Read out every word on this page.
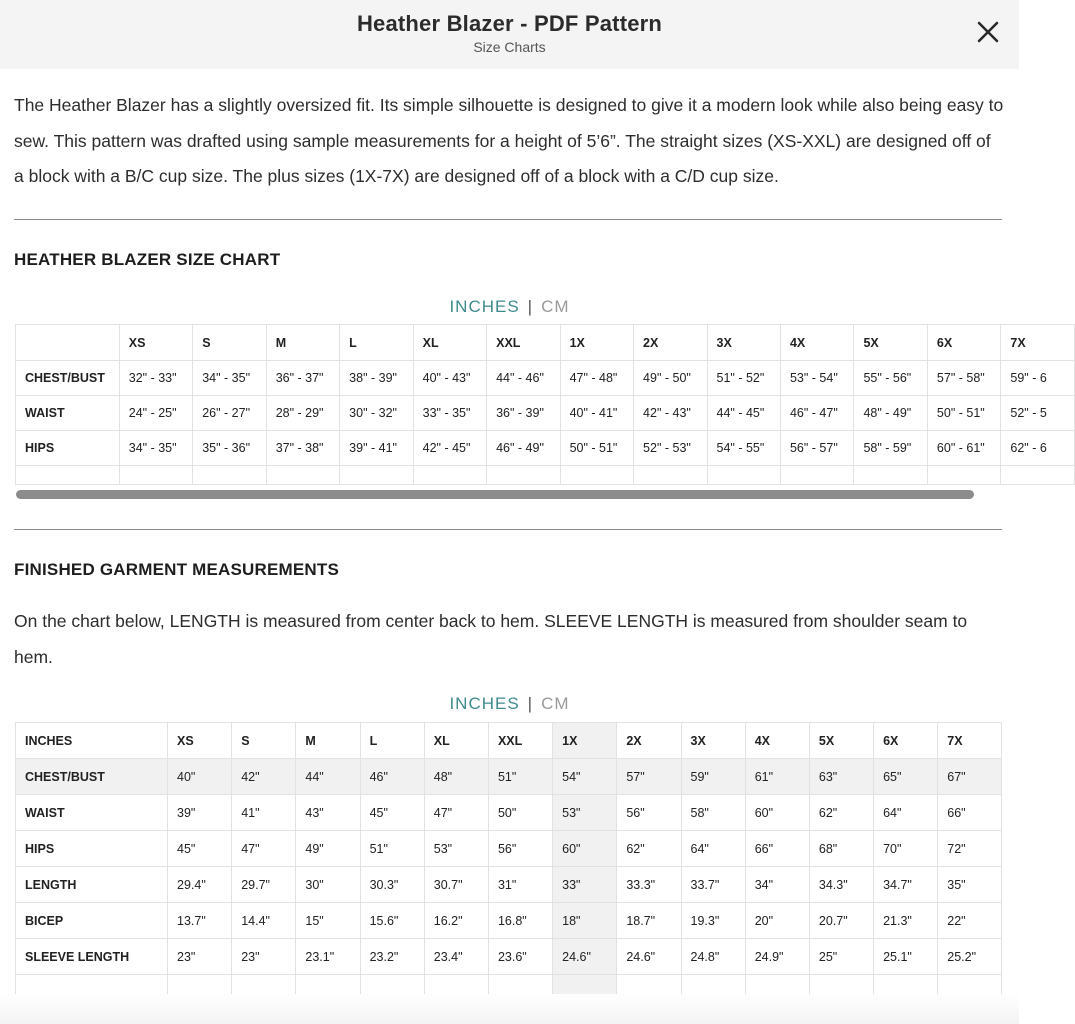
Heather Blazer - PDF Pattern
Size Charts
The Heather Blazer has a slightly oversized fit. Its simple silhouette is designed to give it a modern look while also being easy to sew. This pattern was drafted using sample measurements for a height of 5’6”. The straight sizes (XS-XXL) are designed off of a block with a B/C cup size. The plus sizes (1X-7X) are designed off of a block with a C/D cup size.
HEATHER BLAZER SIZE CHART
INCHES | CM
	XS	S	M	L	XL	XXL	1X	2X	3X	4X	5X	6X	7X
CHEST/BUST	32" - 33"	34" - 35"	36" - 37"	38" - 39"	40" - 43"	44" - 46"	47" - 48"	49" - 50"	51" - 52"	53" - 54"	55" - 56"	57" - 58"	59" - 6
WAIST	24" - 25"	26" - 27"	28" - 29"	30" - 32"	33" - 35"	36" - 39"	40" - 41"	42" - 43"	44" - 45"	46" - 47"	48" - 49"	50" - 51"	52" - 5
HIPS	34" - 35"	35" - 36"	37" - 38"	39" - 41"	42" - 45"	46" - 49"	50" - 51"	52" - 53"	54" - 55"	56" - 57"	58" - 59"	60" - 61"	62" - 6

FINISHED GARMENT MEASUREMENTS
On the chart below, LENGTH is measured from center back to hem. SLEEVE LENGTH is measured from shoulder seam to hem.
INCHES | CM
INCHES	XS	S	M	L	XL	XXL	1X	2X	3X	4X	5X	6X	7X
CHEST/BUST	40"	42"	44"	46"	48"	51"	54"	57"	59"	61"	63"	65"	67"
WAIST	39"	41"	43"	45"	47"	50"	53"	56"	58"	60"	62"	64"	66"
HIPS	45"	47"	49"	51"	53"	56"	60"	62"	64"	66"	68"	70"	72"
LENGTH	29.4"	29.7"	30"	30.3"	30.7"	31"	33"	33.3"	33.7"	34"	34.3"	34.7"	35"
BICEP	13.7"	14.4"	15"	15.6"	16.2"	16.8"	18"	18.7"	19.3"	20"	20.7"	21.3"	22"
SLEEVE LENGTH	23"	23"	23.1"	23.2"	23.4"	23.6"	24.6"	24.6"	24.8"	24.9"	25"	25.1"	25.2"
